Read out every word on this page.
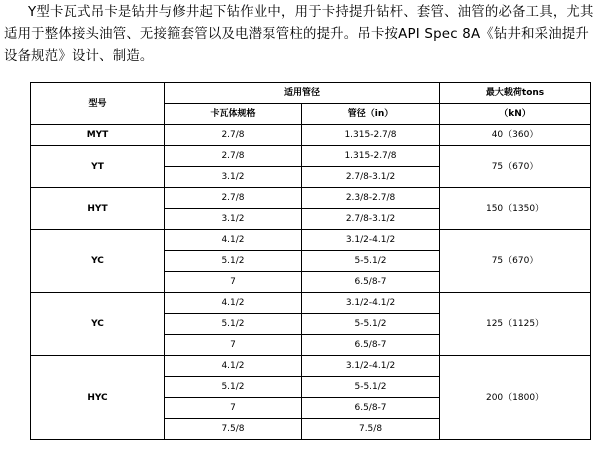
Y型卡瓦式吊卡是钻井与修井起下钻作业中，用于卡持提升钻杆、套管、油管的必备工具，尤其适用于整体接头油管、无接箍套管以及电潜泵管柱的提升。吊卡按API Spec 8A《钻井和采油提升设备规范》设计、制造。

型号	适用管径		最大载荷tons
	卡瓦体规格	管径（in）	（kN）
MYT	2.7/8	1.315-2.7/8	40（360）
YT	2.7/8	1.315-2.7/8	75（670）
	3.1/2	2.7/8-3.1/2	
HYT	2.7/8	2.3/8-2.7/8	150（1350）
	3.1/2	2.7/8-3.1/2	
YC	4.1/2	3.1/2-4.1/2	75（670）
	5.1/2	5-5.1/2	
	7	6.5/8-7	
YC	4.1/2	3.1/2-4.1/2	125（1125）
	5.1/2	5-5.1/2	
	7	6.5/8-7	
HYC	4.1/2	3.1/2-4.1/2	200（1800）
	5.1/2	5-5.1/2	
	7	6.5/8-7	
	7.5/8	7.5/8	
